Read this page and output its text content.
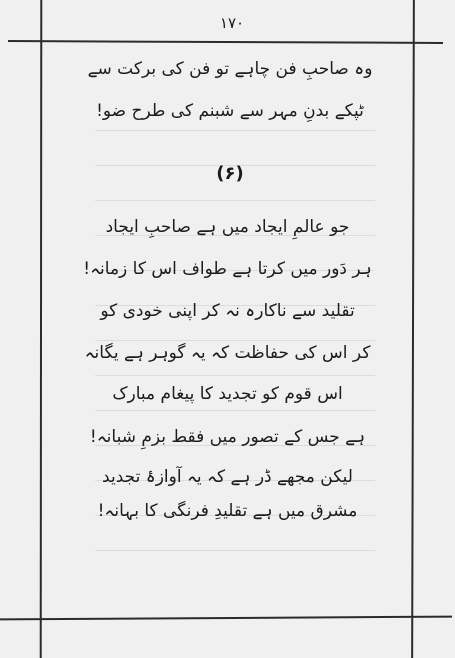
۱۷۰
وہ صاحبِ فن چاہے تو فن کی برکت سے
ٹپکے بدنِ مہر سے شبنم کی طرح ضو!
(۶)
جو عالمِ ایجاد میں ہے صاحبِ ایجاد
ہر دَور میں کرتا ہے طواف اس کا زمانہ!
تقلید سے ناکارہ نہ کر اپنی خودی کو
کر اس کی حفاظت کہ یہ گوہر ہے یگانہ
اس قوم کو تجدید کا پیغام مبارک
ہے جس کے تصور میں فقط بزمِ شبانہ!
لیکن مجھے ڈر ہے کہ یہ آوازۂ تجدید
مشرق میں ہے تقلیدِ فرنگی کا بہانہ!
